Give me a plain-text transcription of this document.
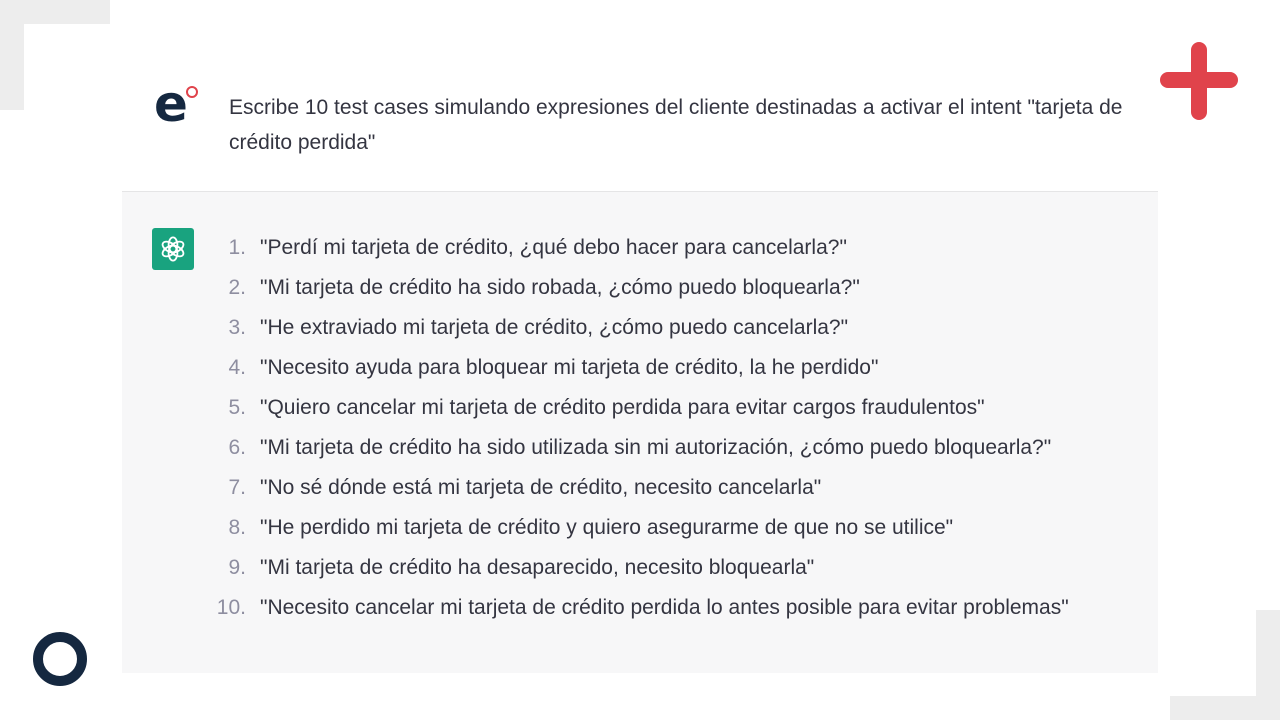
e Escribe 10 test cases simulando expresiones del cliente destinadas a activar el intent "tarjeta de crédito perdida"
1. "Perdí mi tarjeta de crédito, ¿qué debo hacer para cancelarla?"
2. "Mi tarjeta de crédito ha sido robada, ¿cómo puedo bloquearla?"
3. "He extraviado mi tarjeta de crédito, ¿cómo puedo cancelarla?"
4. "Necesito ayuda para bloquear mi tarjeta de crédito, la he perdido"
5. "Quiero cancelar mi tarjeta de crédito perdida para evitar cargos fraudulentos"
6. "Mi tarjeta de crédito ha sido utilizada sin mi autorización, ¿cómo puedo bloquearla?"
7. "No sé dónde está mi tarjeta de crédito, necesito cancelarla"
8. "He perdido mi tarjeta de crédito y quiero asegurarme de que no se utilice"
9. "Mi tarjeta de crédito ha desaparecido, necesito bloquearla"
10. "Necesito cancelar mi tarjeta de crédito perdida lo antes posible para evitar problemas"
